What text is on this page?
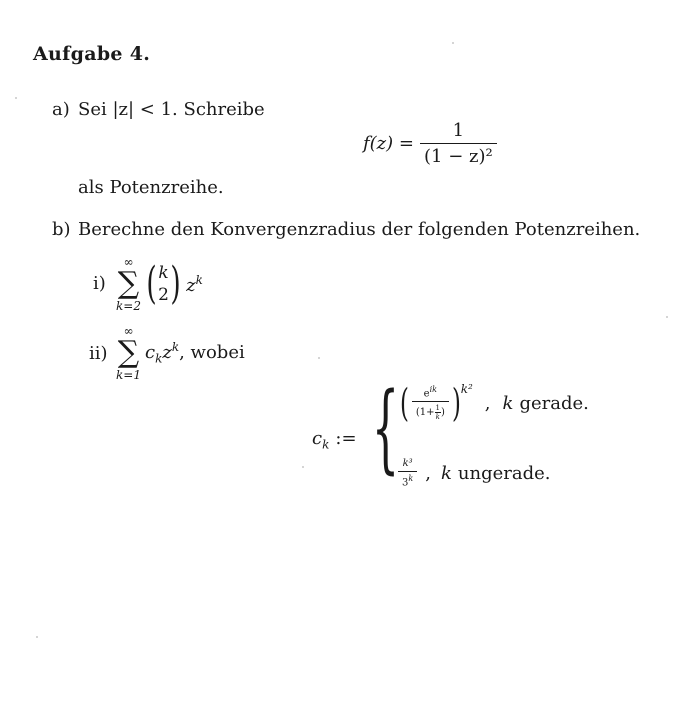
Aufgabe 4.
a) Sei |z| < 1. Schreibe
$f(z) = \frac{1}{\text{(1 − z)²}}$
als Potenzreihe.
b) Berechne den Konvergenzradius der folgenden Potenzreihen.
i)
∞
∑
k=2 ( k
2 ) $z^k$
ii)
∞
∑
k=1
$c_kz^k$, wobei
$c_k$ := { ( $\frac{e^{ik}}{(1+ \frac{1}{k} )}$ ) k²
, k gerade.
$\frac{\text{k³}}{3^k}$ , k ungerade.
